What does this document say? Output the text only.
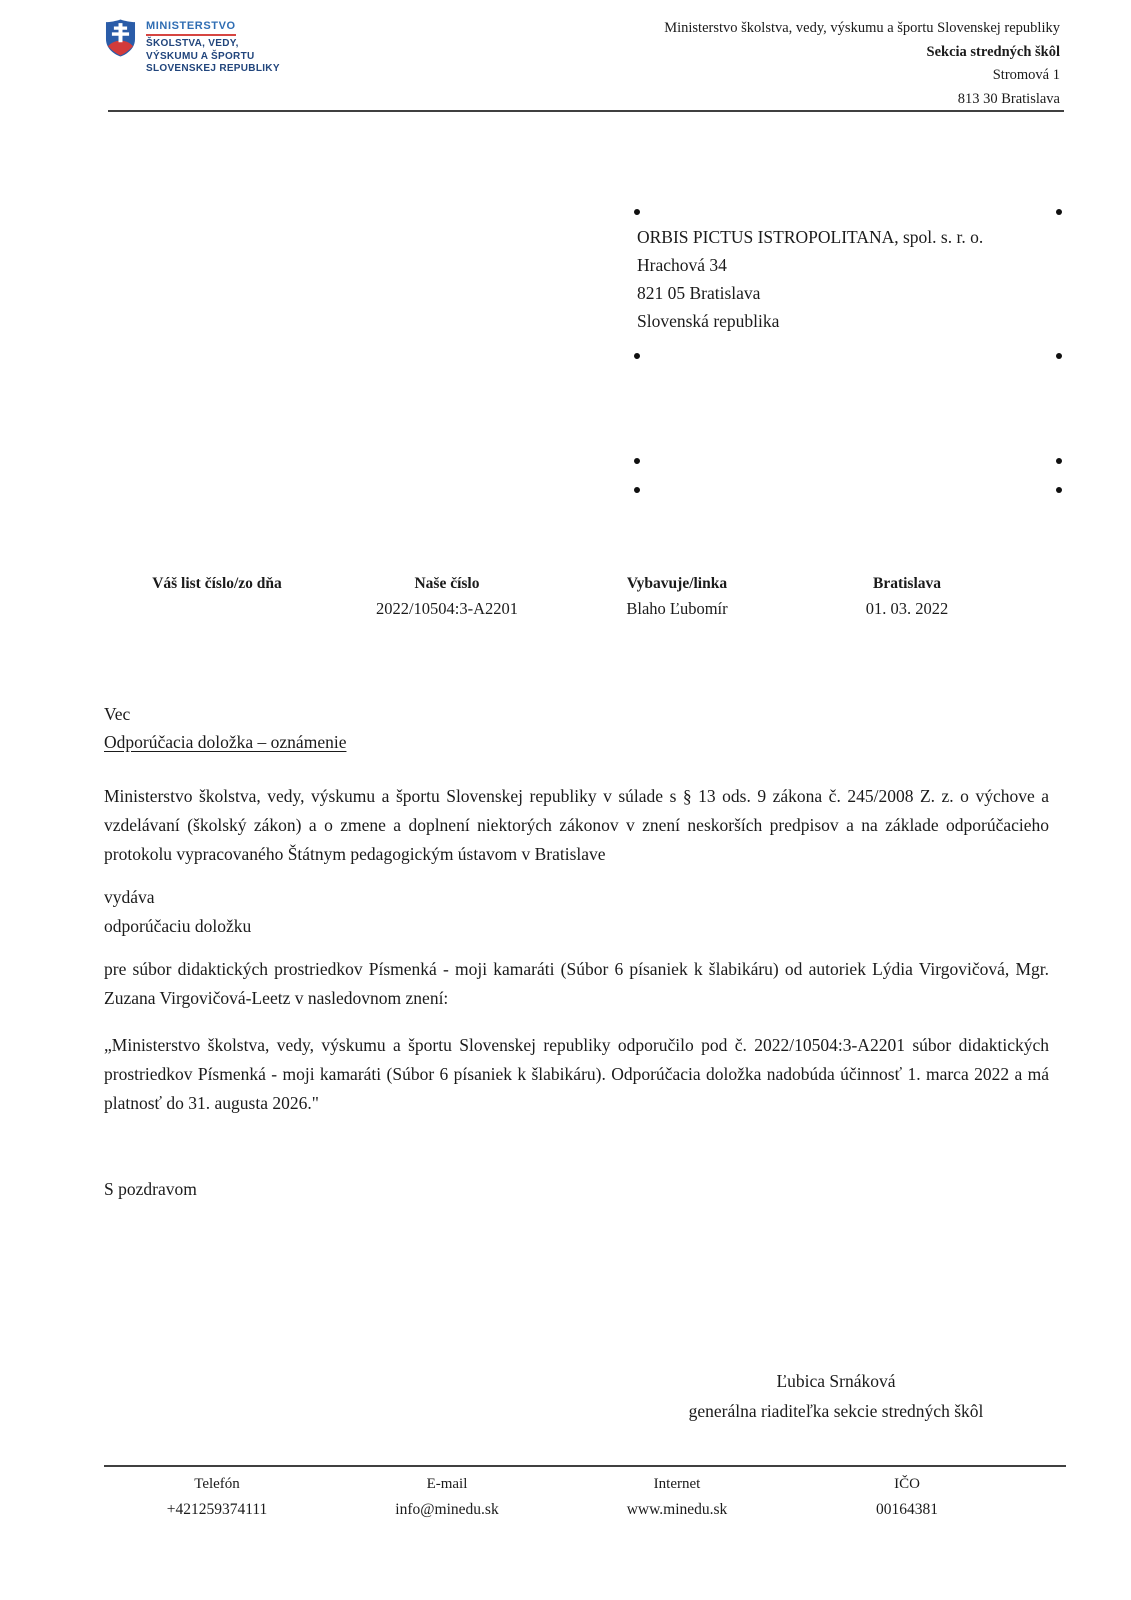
MINISTERSTVO
ŠKOLSTVA, VEDY,
VÝSKUMU A ŠPORTU
SLOVENSKEJ REPUBLIKY
Ministerstvo školstva, vedy, výskumu a športu Slovenskej republiky
Sekcia stredných škôl
Stromová 1
813 30 Bratislava
ORBIS PICTUS ISTROPOLITANA, spol. s. r. o.
Hrachová 34
821 05 Bratislava
Slovenská republika
Váš list číslo/zo dňa	Naše číslo
2022/10504:3-A2201
Vybavuje/linka
Blaho Ľubomír
Bratislava
01. 03. 2022
Vec
Odporúčacia doložka – oznámenie
Ministerstvo školstva, vedy, výskumu a športu Slovenskej republiky v súlade s § 13 ods. 9 zákona č. 245/2008 Z. z. o výchove a vzdelávaní (školský zákon) a o zmene a doplnení niektorých zákonov v znení neskorších predpisov a na základe odporúčacieho protokolu vypracovaného Štátnym pedagogickým ústavom v Bratislave
vydáva
odporúčaciu doložku
pre súbor didaktických prostriedkov Písmenká - moji kamaráti (Súbor 6 písaniek k šlabikáru) od autoriek Lýdia Virgovičová, Mgr. Zuzana Virgovičová-Leetz v nasledovnom znení:
„Ministerstvo školstva, vedy, výskumu a športu Slovenskej republiky odporučilo pod č. 2022/10504:3-A2201 súbor didaktických prostriedkov Písmenká - moji kamaráti (Súbor 6 písaniek k šlabikáru). Odporúčacia doložka nadobúda účinnosť 1. marca 2022 a má platnosť do 31. augusta 2026."
S pozdravom
Ľubica Srnáková
generálna riaditeľka sekcie stredných škôl
Telefón
+421259374111
E-mail
info@minedu.sk
Internet
www.minedu.sk
IČO
00164381
